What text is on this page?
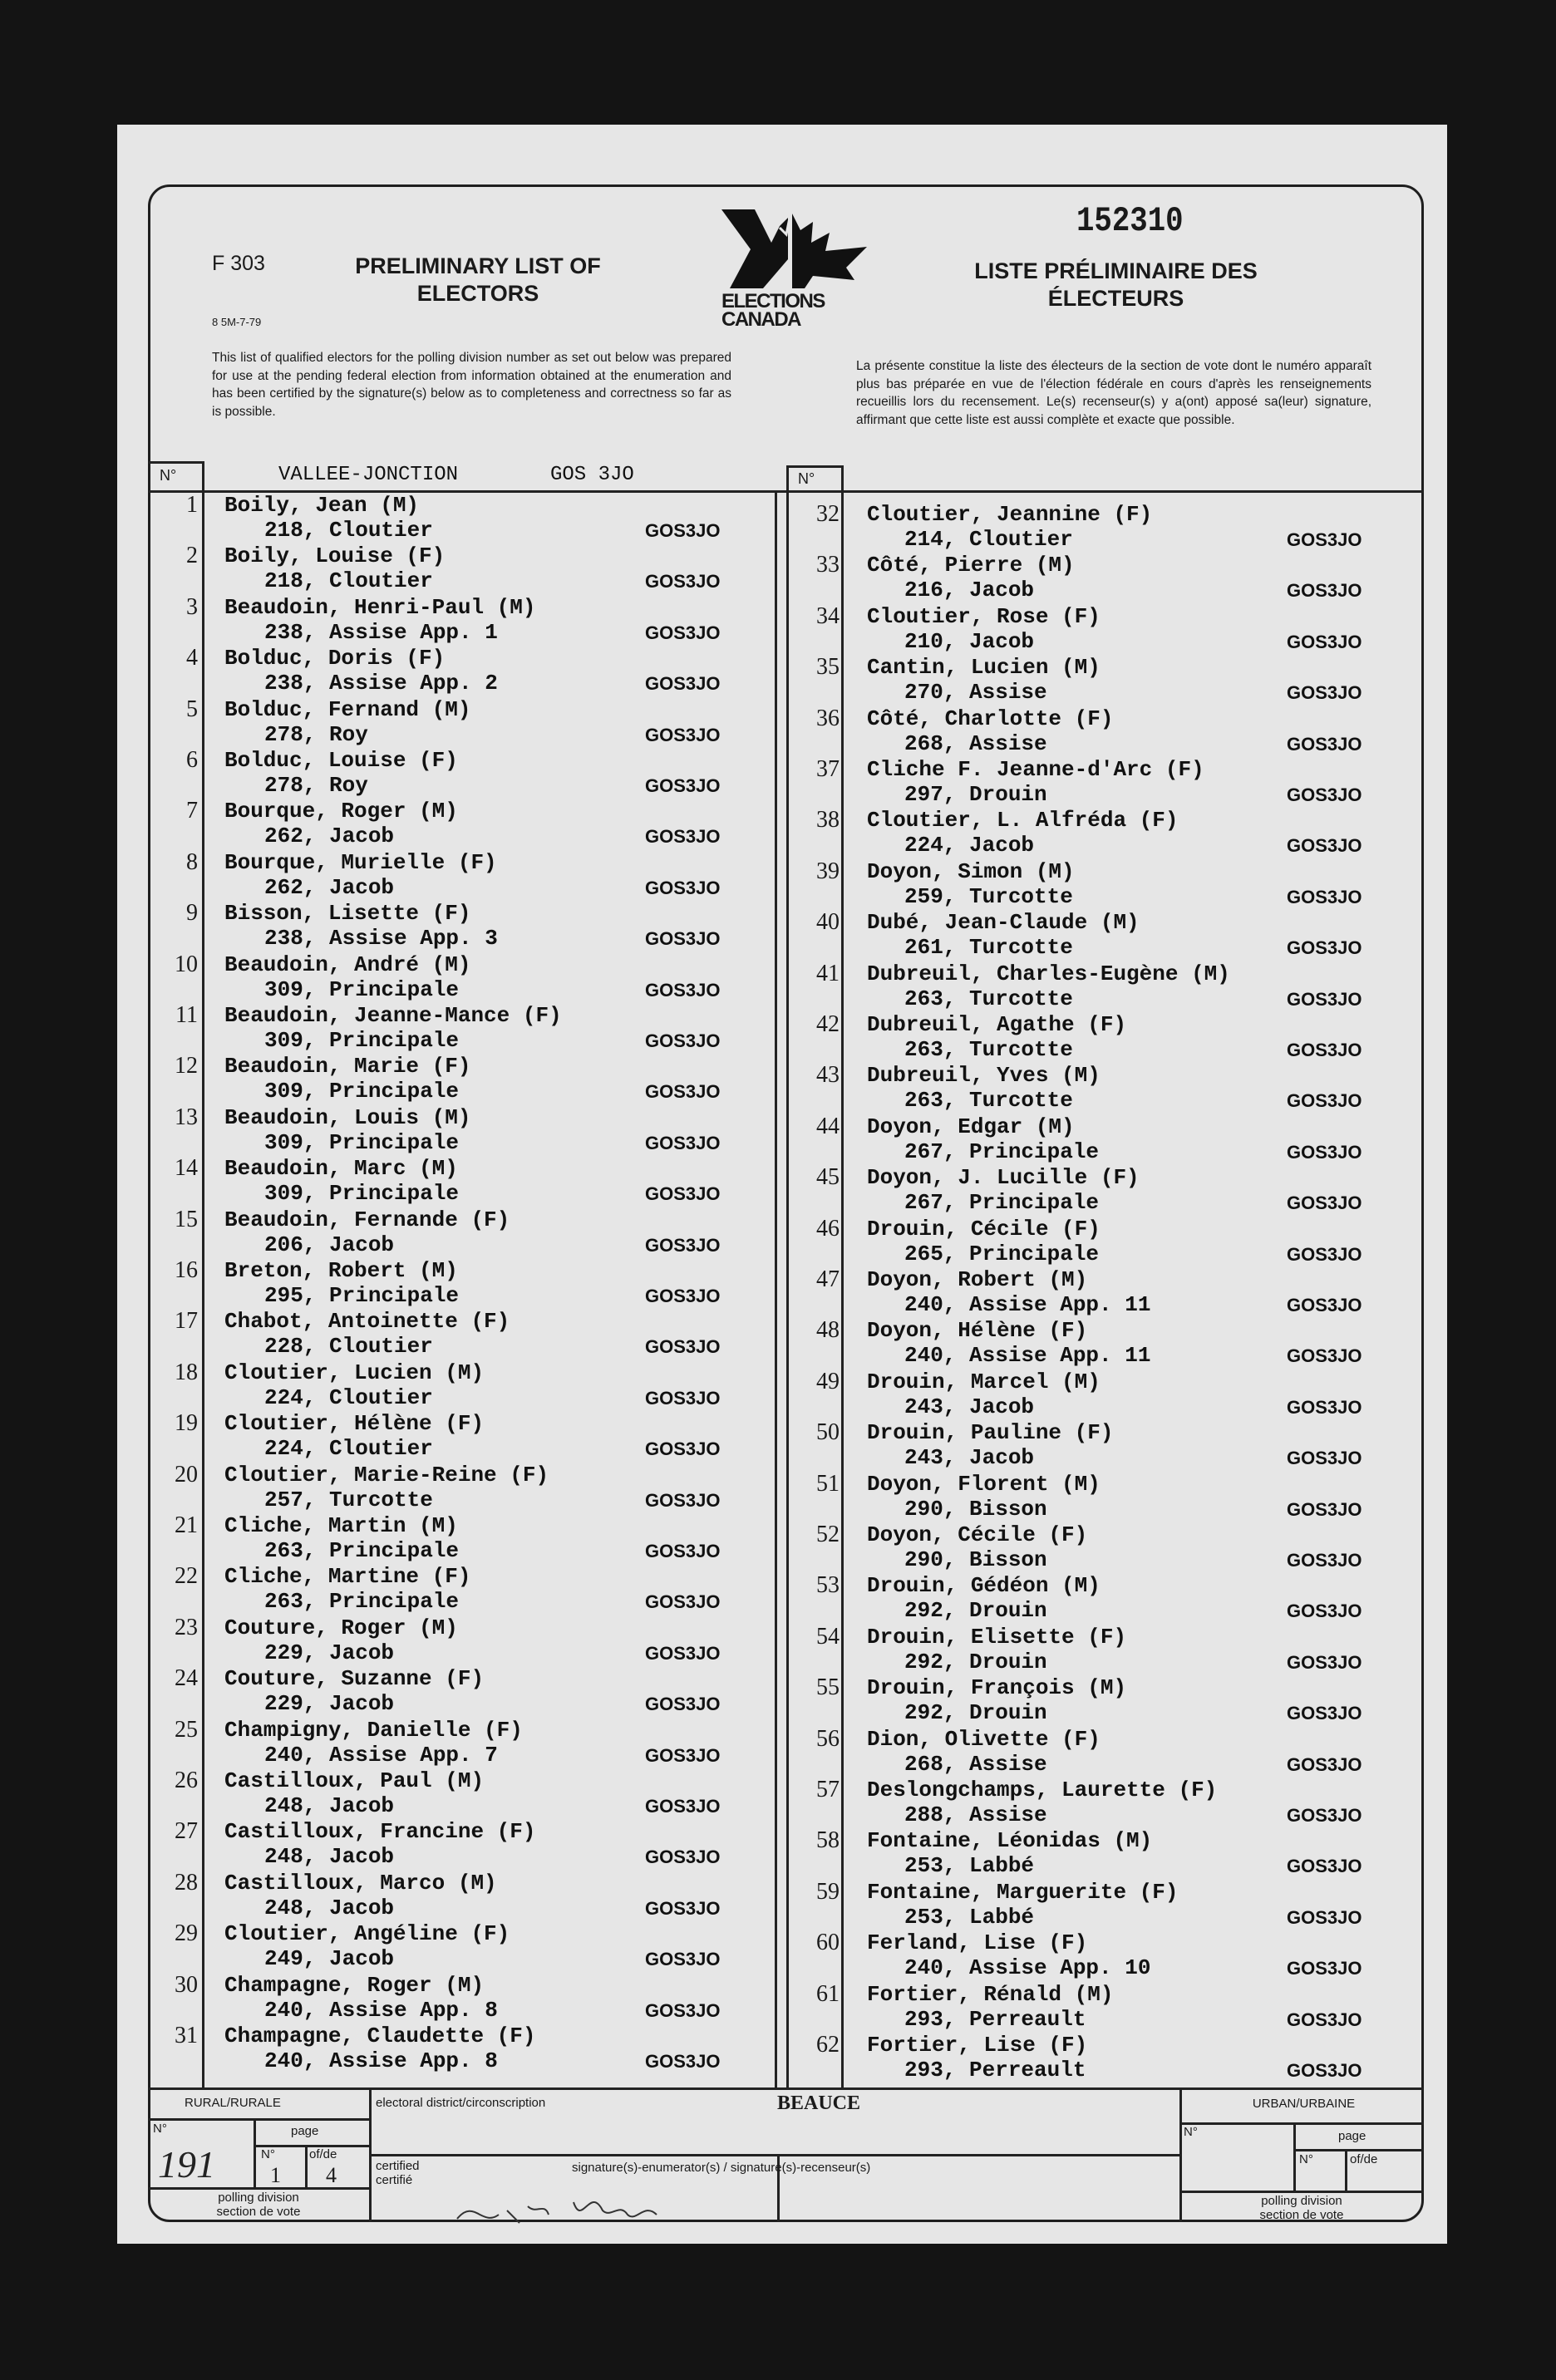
F 303	PRELIMINARY LIST OF
ELECTORS
8 5M-7-79
ELECTIONS
CANADA
152310
LISTE PRÉLIMINAIRE DES
ÉLECTEURS
This list of qualified electors for the polling division number as set out below was prepared for use at the pending federal election from information obtained at the enumeration and has been certified by the signature(s) below as to completeness and correctness so far as is possible.
La présente constitue la liste des électeurs de la section de vote dont le numéro apparaît plus bas préparée en vue de l'élection fédérale en cours d'après les renseignements recueillis lors du recensement. Le(s) recenseur(s) y a(ont) apposé sa(leur) signature, affirmant que cette liste est aussi complète et exacte que possible.
N°	N°
VALLEE-JONCTION	GOS 3JO
1 Boily, Jean (M)
218, Cloutier	GOS3JO
2 Boily, Louise (F)
218, Cloutier	GOS3JO
3 Beaudoin, Henri-Paul (M)
238, Assise App. 1	GOS3JO
4 Bolduc, Doris (F)
238, Assise App. 2	GOS3JO
5 Bolduc, Fernand (M)
278, Roy	GOS3JO
6 Bolduc, Louise (F)
278, Roy	GOS3JO
7 Bourque, Roger (M)
262, Jacob	GOS3JO
8 Bourque, Murielle (F)
262, Jacob	GOS3JO
9 Bisson, Lisette (F)
238, Assise App. 3	GOS3JO
10 Beaudoin, André (M)
309, Principale	GOS3JO
11 Beaudoin, Jeanne-Mance (F)
309, Principale	GOS3JO
12 Beaudoin, Marie (F)
309, Principale	GOS3JO
13 Beaudoin, Louis (M)
309, Principale	GOS3JO
14 Beaudoin, Marc (M)
309, Principale	GOS3JO
15 Beaudoin, Fernande (F)
206, Jacob	GOS3JO
16 Breton, Robert (M)
295, Principale	GOS3JO
17 Chabot, Antoinette (F)
228, Cloutier	GOS3JO
18 Cloutier, Lucien (M)
224, Cloutier	GOS3JO
19 Cloutier, Hélène (F)
224, Cloutier	GOS3JO
20 Cloutier, Marie-Reine (F)
257, Turcotte	GOS3JO
21 Cliche, Martin (M)
263, Principale	GOS3JO
22 Cliche, Martine (F)
263, Principale	GOS3JO
23 Couture, Roger (M)
229, Jacob	GOS3JO
24 Couture, Suzanne (F)
229, Jacob	GOS3JO
25 Champigny, Danielle (F)
240, Assise App. 7	GOS3JO
26 Castilloux, Paul (M)
248, Jacob	GOS3JO
27 Castilloux, Francine (F)
248, Jacob	GOS3JO
28 Castilloux, Marco (M)
248, Jacob	GOS3JO
29 Cloutier, Angéline (F)
249, Jacob	GOS3JO
30 Champagne, Roger (M)
240, Assise App. 8	GOS3JO
31 Champagne, Claudette (F)
240, Assise App. 8	GOS3JO
32 Cloutier, Jeannine (F)
214, Cloutier	GOS3JO
33 Côté, Pierre (M)
216, Jacob	GOS3JO
34 Cloutier, Rose (F)
210, Jacob	GOS3JO
35 Cantin, Lucien (M)
270, Assise	GOS3JO
36 Côté, Charlotte (F)
268, Assise	GOS3JO
37 Cliche F. Jeanne-d'Arc (F)
297, Drouin	GOS3JO
38 Cloutier, L. Alfréda (F)
224, Jacob	GOS3JO
39 Doyon, Simon (M)
259, Turcotte	GOS3JO
40 Dubé, Jean-Claude (M)
261, Turcotte	GOS3JO
41 Dubreuil, Charles-Eugène (M)
263, Turcotte	GOS3JO
42 Dubreuil, Agathe (F)
263, Turcotte	GOS3JO
43 Dubreuil, Yves (M)
263, Turcotte	GOS3JO
44 Doyon, Edgar (M)
267, Principale	GOS3JO
45 Doyon, J. Lucille (F)
267, Principale	GOS3JO
46 Drouin, Cécile (F)
265, Principale	GOS3JO
47 Doyon, Robert (M)
240, Assise App. 11	GOS3JO
48 Doyon, Hélène (F)
240, Assise App. 11	GOS3JO
49 Drouin, Marcel (M)
243, Jacob	GOS3JO
50 Drouin, Pauline (F)
243, Jacob	GOS3JO
51 Doyon, Florent (M)
290, Bisson	GOS3JO
52 Doyon, Cécile (F)
290, Bisson	GOS3JO
53 Drouin, Gédéon (M)
292, Drouin	GOS3JO
54 Drouin, Elisette (F)
292, Drouin	GOS3JO
55 Drouin, François (M)
292, Drouin	GOS3JO
56 Dion, Olivette (F)
268, Assise	GOS3JO
57 Deslongchamps, Laurette (F)
288, Assise	GOS3JO
58 Fontaine, Léonidas (M)
253, Labbé	GOS3JO
59 Fontaine, Marguerite (F)
253, Labbé	GOS3JO
60 Ferland, Lise (F)
240, Assise App. 10	GOS3JO
61 Fortier, Rénald (M)
293, Perreault	GOS3JO
62 Fortier, Lise (F)
293, Perreault	GOS3JO
RURAL/RURALE
N°	page
N°	of/de
191	1 4
polling division
section de vote
electoral district/circonscription	BEAUCE
certified
certifié
signature(s)-enumerator(s) / signature(s)-recenseur(s)
URBAN/URBAINE
N°	page
N°	of/de
polling division
section de vote
